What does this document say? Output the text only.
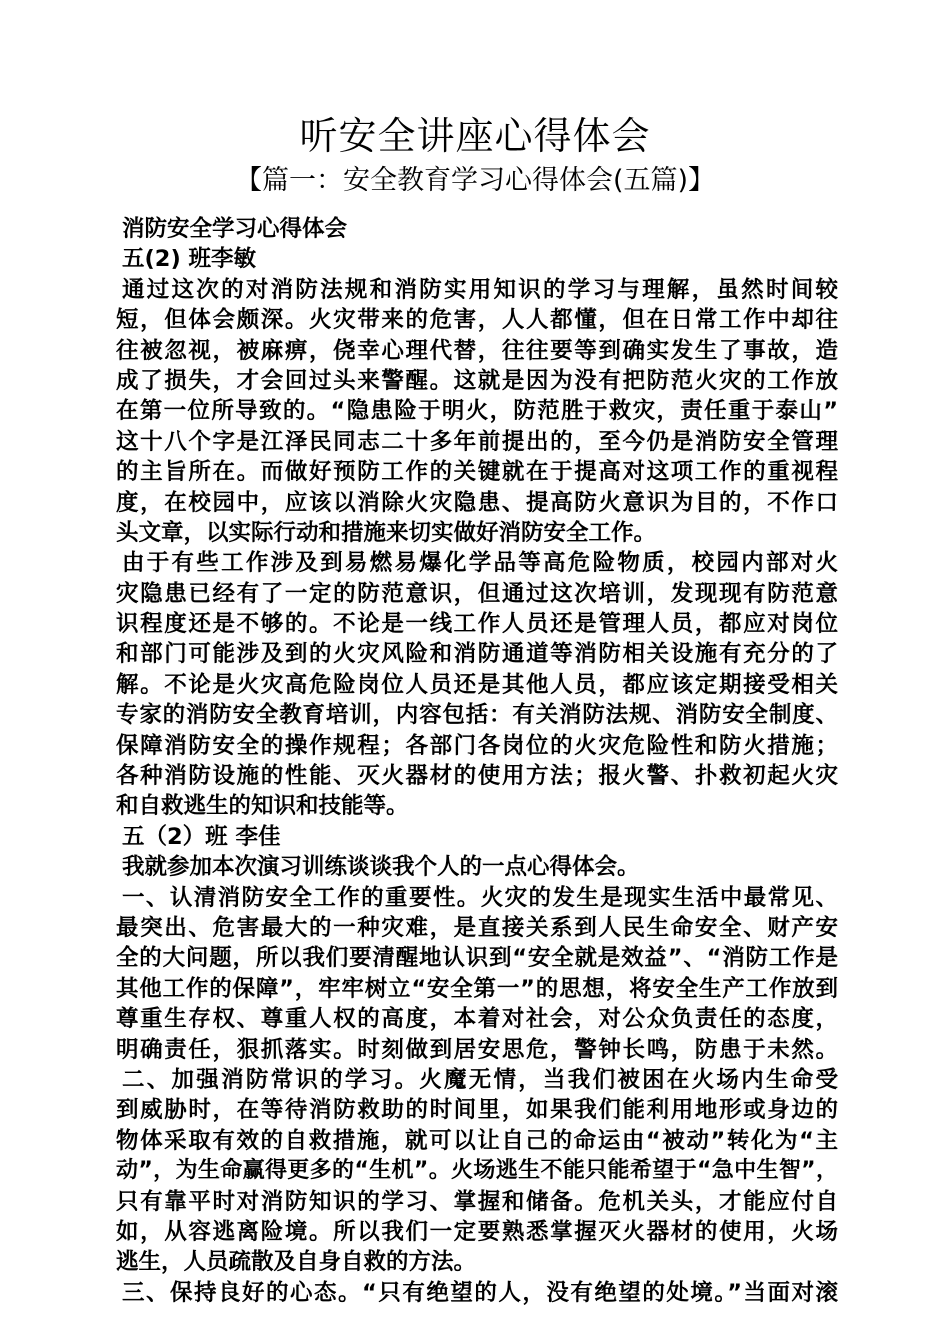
听安全讲座心得体会
【篇一：安全教育学习心得体会(五篇)】
消防安全学习心得体会
五(2) 班李敏
通过这次的对消防法规和消防实用知识的学习与理解，虽然时间较
短，但体会颇深。火灾带来的危害，人人都懂，但在日常工作中却往
往被忽视，被麻痹，侥幸心理代替，往往要等到确实发生了事故，造
成了损失，才会回过头来警醒。这就是因为没有把防范火灾的工作放
在第一位所导致的。“隐患险于明火，防范胜于救灾，责任重于泰山”
这十八个字是江泽民同志二十多年前提出的，至今仍是消防安全管理
的主旨所在。而做好预防工作的关键就在于提高对这项工作的重视程
度，在校园中，应该以消除火灾隐患、提高防火意识为目的，不作口
头文章，以实际行动和措施来切实做好消防安全工作。
由于有些工作涉及到易燃易爆化学品等高危险物质，校园内部对火
灾隐患已经有了一定的防范意识，但通过这次培训，发现现有防范意
识程度还是不够的。不论是一线工作人员还是管理人员，都应对岗位
和部门可能涉及到的火灾风险和消防通道等消防相关设施有充分的了
解。不论是火灾高危险岗位人员还是其他人员，都应该定期接受相关
专家的消防安全教育培训，内容包括：有关消防法规、消防安全制度、
保障消防安全的操作规程；各部门各岗位的火灾危险性和防火措施；
各种消防设施的性能、灭火器材的使用方法；报火警、扑救初起火灾
和自救逃生的知识和技能等。
五（2）班 李佳
我就参加本次演习训练谈谈我个人的一点心得体会。
一、认清消防安全工作的重要性。火灾的发生是现实生活中最常见、
最突出、危害最大的一种灾难，是直接关系到人民生命安全、财产安
全的大问题，所以我们要清醒地认识到“安全就是效益”、“消防工作是
其他工作的保障”，牢牢树立“安全第一”的思想，将安全生产工作放到
尊重生存权、尊重人权的高度，本着对社会，对公众负责任的态度，
明确责任，狠抓落实。时刻做到居安思危，警钟长鸣，防患于未然。
二、加强消防常识的学习。火魔无情，当我们被困在火场内生命受
到威胁时，在等待消防救助的时间里，如果我们能利用地形或身边的
物体采取有效的自救措施，就可以让自己的命运由“被动”转化为“主
动”，为生命赢得更多的“生机”。火场逃生不能只能希望于“急中生智”，
只有靠平时对消防知识的学习、掌握和储备。危机关头，才能应付自
如，从容逃离险境。所以我们一定要熟悉掌握灭火器材的使用，火场
逃生，人员疏散及自身自救的方法。
三、保持良好的心态。“只有绝望的人，没有绝望的处境。”当面对滚
